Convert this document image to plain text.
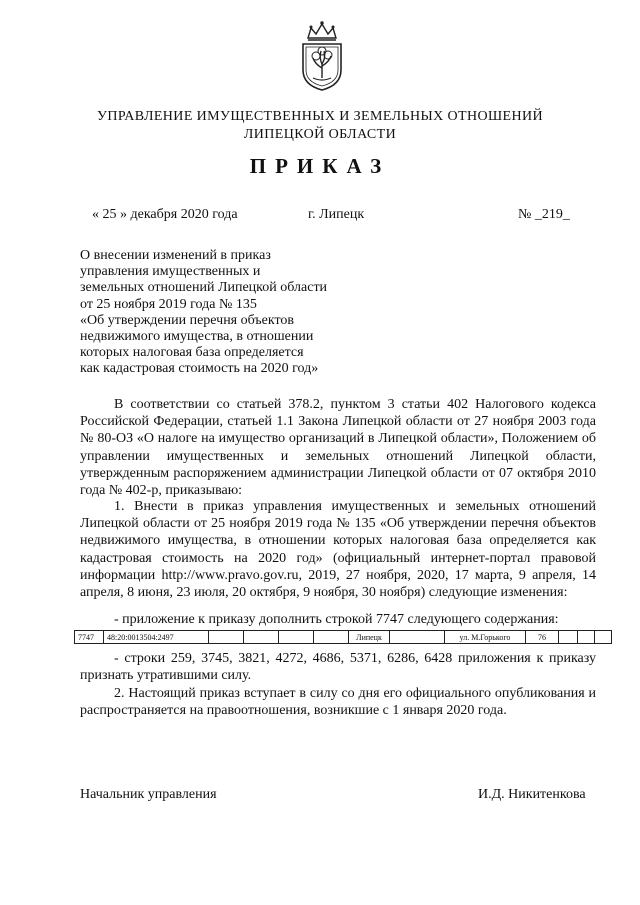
УПРАВЛЕНИЕ ИМУЩЕСТВЕННЫХ И ЗЕМЕЛЬНЫХ ОТНОШЕНИЙ
ЛИПЕЦКОЙ ОБЛАСТИ
ПРИКАЗ
« 25 » декабря 2020 года	г. Липецк	№ _219_
О внесении изменений в приказ
управления имущественных и
земельных отношений Липецкой области
от 25 ноября 2019 года № 135
«Об утверждении перечня объектов
недвижимого имущества, в отношении
которых налоговая база определяется
как кадастровая стоимость на 2020 год»
В соответствии со статьей 378.2, пунктом 3 статьи 402 Налогового кодекса Российской Федерации, статьей 1.1 Закона Липецкой области от 27 ноября 2003 года № 80-ОЗ «О налоге на имущество организаций в Липецкой области», Положением об управлении имущественных и земельных отношений Липецкой области, утвержденным распоряжением администрации Липецкой области от 07 октября 2010 года № 402-р, приказываю:
1. Внести в приказ управления имущественных и земельных отношений Липецкой области от 25 ноября 2019 года № 135 «Об утверждении перечня объектов недвижимого имущества, в отношении которых налоговая база определяется как кадастровая стоимость на 2020 год» (официальный интернет-портал правовой информации http://www.pravo.gov.ru, 2019, 27 ноября, 2020, 17 марта, 9 апреля, 14 апреля, 8 июня, 23 июля, 20 октября, 9 ноября, 30 ноября) следующие изменения:
- приложение к приказу дополнить строкой 7747 следующего содержания:
7747	48:20:0013504:2497					Липецк		ул. М.Горького	76			
- строки 259, 3745, 3821, 4272, 4686, 5371, 6286, 6428 приложения к приказу признать утратившими силу.
2. Настоящий приказ вступает в силу со дня его официального опубликования и распространяется на правоотношения, возникшие с 1 января 2020 года.
Начальник управления	И.Д. Никитенкова
